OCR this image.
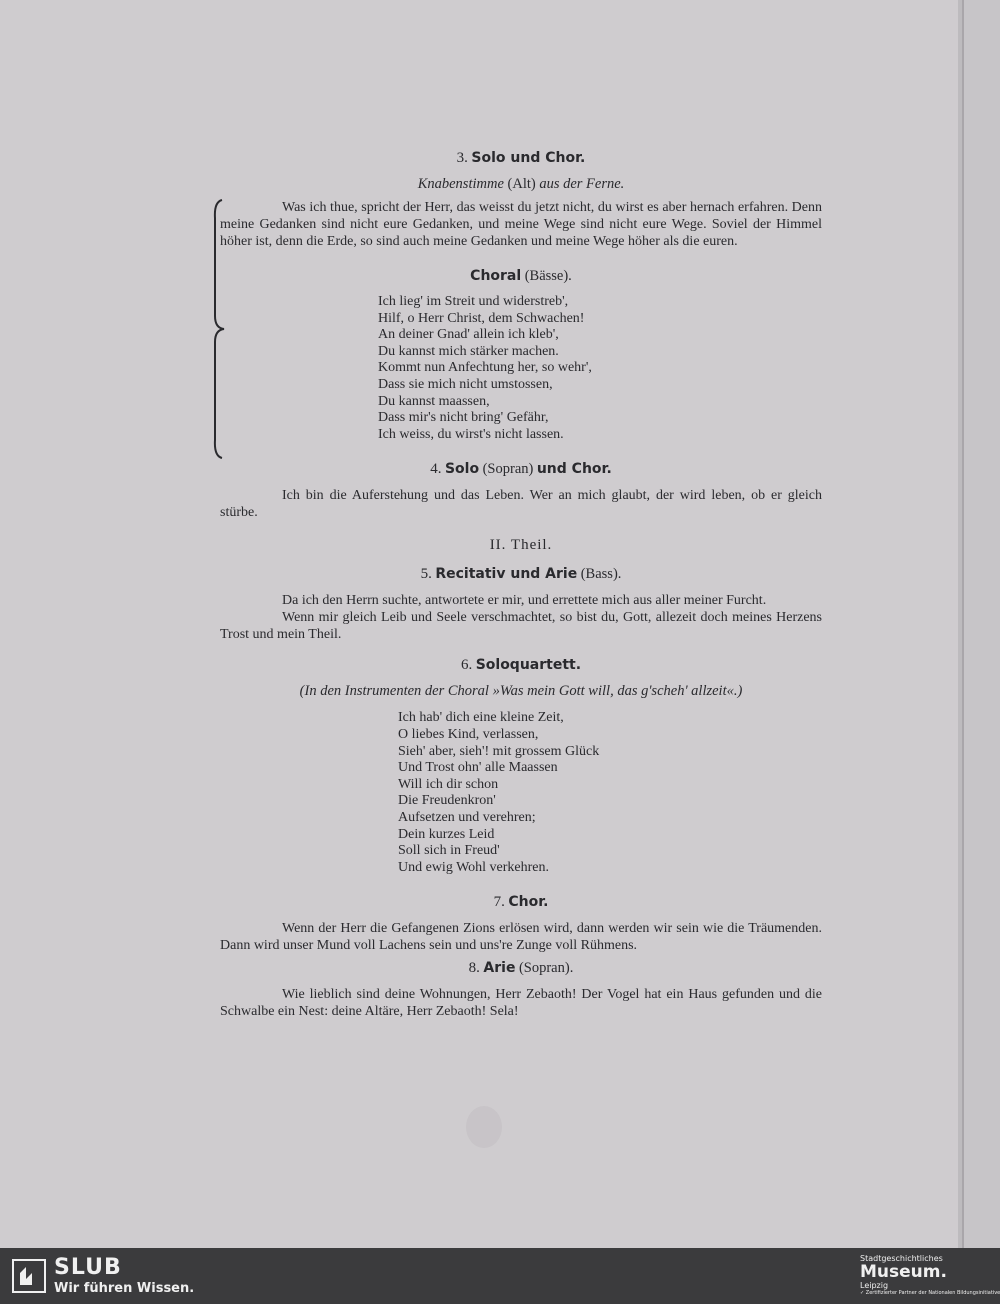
3. Solo und Chor.
Knabenstimme (Alt) aus der Ferne.

Was ich thue, spricht der Herr, das weisst du jetzt nicht, du wirst es aber hernach erfahren. Denn meine Gedanken sind nicht eure Gedanken, und meine Wege sind nicht eure Wege. Soviel der Himmel höher ist, denn die Erde, so sind auch meine Gedanken und meine Wege höher als die euren.

Choral (Bässe).
Ich lieg' im Streit und widerstreb',
Hilf, o Herr Christ, dem Schwachen!
An deiner Gnad' allein ich kleb',
Du kannst mich stärker machen.
Kommt nun Anfechtung her, so wehr',
Dass sie mich nicht umstossen,
Du kannst maassen,
Dass mir's nicht bring' Gefähr,
Ich weiss, du wirst's nicht lassen.
4. Solo (Sopran) und Chor.

Ich bin die Auferstehung und das Leben. Wer an mich glaubt, der wird leben, ob er gleich stürbe.

II. Theil.
5. Recitativ und Arie (Bass).

Da ich den Herrn suchte, antwortete er mir, und errettete mich aus aller meiner Furcht.

Wenn mir gleich Leib und Seele verschmachtet, so bist du, Gott, allezeit doch meines Herzens Trost und mein Theil.

6. Soloquartett.
(In den Instrumenten der Choral »Was mein Gott will, das g'scheh' allzeit«.)
Ich hab' dich eine kleine Zeit,
O liebes Kind, verlassen,
Sieh' aber, sieh'! mit grossem Glück
Und Trost ohn' alle Maassen
Will ich dir schon
Die Freudenkron'
Aufsetzen und verehren;
Dein kurzes Leid
Soll sich in Freud'
Und ewig Wohl verkehren.
7. Chor.

Wenn der Herr die Gefangenen Zions erlösen wird, dann werden wir sein wie die Träumenden. Dann wird unser Mund voll Lachens sein und uns're Zunge voll Rühmens.

8. Arie (Sopran).

Wie lieblich sind deine Wohnungen, Herr Zebaoth! Der Vogel hat ein Haus gefunden und die Schwalbe ein Nest: deine Altäre, Herr Zebaoth! Sela!

SLUB
Wir führen Wissen.
Stadtgeschichtliches
Museum.
Leipzig
✓ Zertifizierter Partner der Nationalen Bildungsinitiative
